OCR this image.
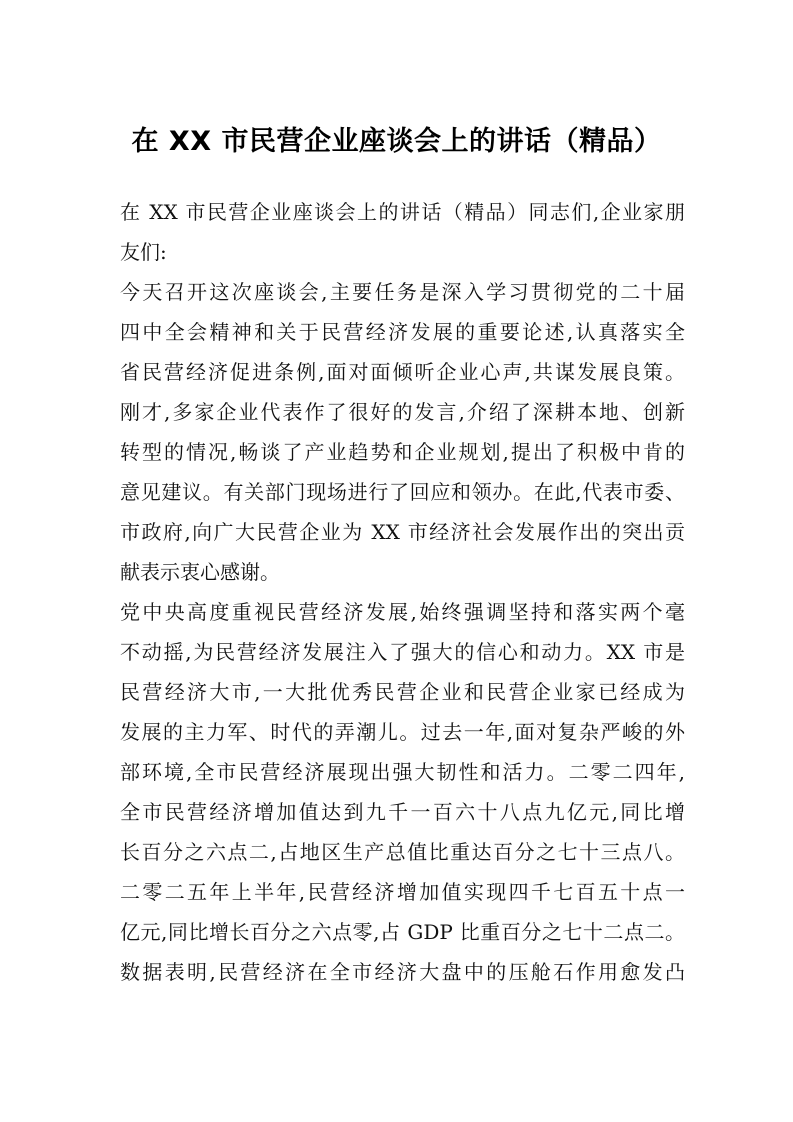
在 XX 市民营企业座谈会上的讲话（精品）
在 XX 市民营企业座谈会上的讲话（精品）同志们,企业家朋
友们:
今天召开这次座谈会,主要任务是深入学习贯彻党的二十届
四中全会精神和关于民营经济发展的重要论述,认真落实全
省民营经济促进条例,面对面倾听企业心声,共谋发展良策。
刚才,多家企业代表作了很好的发言,介绍了深耕本地、创新
转型的情况,畅谈了产业趋势和企业规划,提出了积极中肯的
意见建议。有关部门现场进行了回应和领办。在此,代表市委、
市政府,向广大民营企业为 XX 市经济社会发展作出的突出贡
献表示衷心感谢。
党中央高度重视民营经济发展,始终强调坚持和落实两个毫
不动摇,为民营经济发展注入了强大的信心和动力。XX 市是
民营经济大市,一大批优秀民营企业和民营企业家已经成为
发展的主力军、时代的弄潮儿。过去一年,面对复杂严峻的外
部环境,全市民营经济展现出强大韧性和活力。二零二四年,
全市民营经济增加值达到九千一百六十八点九亿元,同比增
长百分之六点二,占地区生产总值比重达百分之七十三点八。
二零二五年上半年,民营经济增加值实现四千七百五十点一
亿元,同比增长百分之六点零,占 GDP 比重百分之七十二点二。
数据表明,民营经济在全市经济大盘中的压舱石作用愈发凸
